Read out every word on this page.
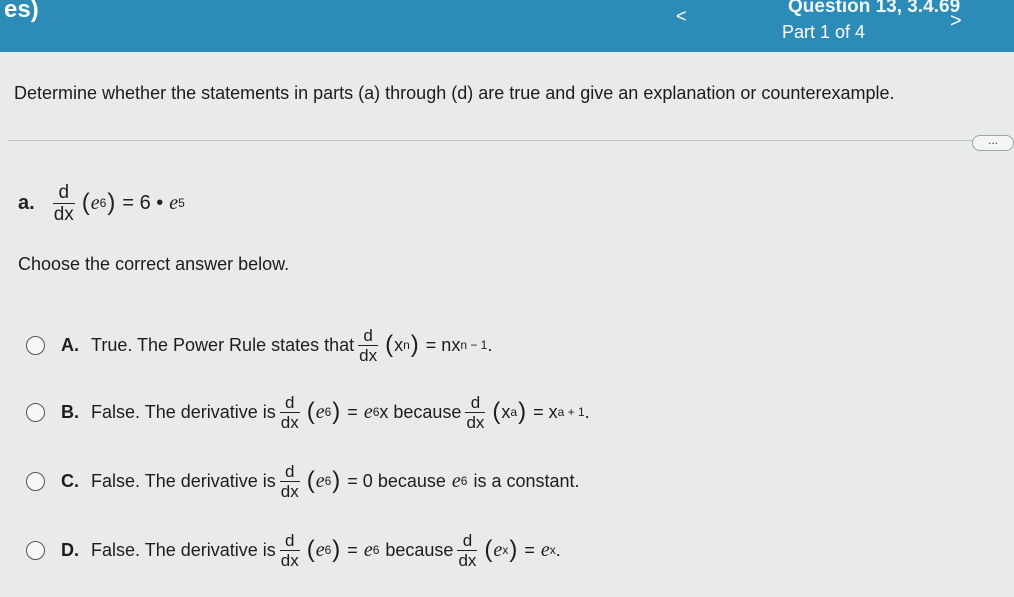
es)	<	Question 13, 3.4.69
Part 1 of 4	>
Determine whether the statements in parts (a) through (d) are true and give an explanation or counterexample.
...
a. $\frac{d}{dx}$ ( e 6 ) = 6 • e 5
Choose the correct answer below.
A. True. The Power Rule states that $\frac{d}{dx}$ ( x n ) = nx n − 1 .
B. False. The derivative is $\frac{d}{dx}$ ( e 6 ) = e 6 x because $\frac{d}{dx}$ ( x a ) = x a + 1 .
C. False. The derivative is $\frac{d}{dx}$ ( e 6 ) = 0 because e 6 is a constant.
D. False. The derivative is $\frac{d}{dx}$ ( e 6 ) = e 6 because $\frac{d}{dx}$ ( e x ) = e x .
